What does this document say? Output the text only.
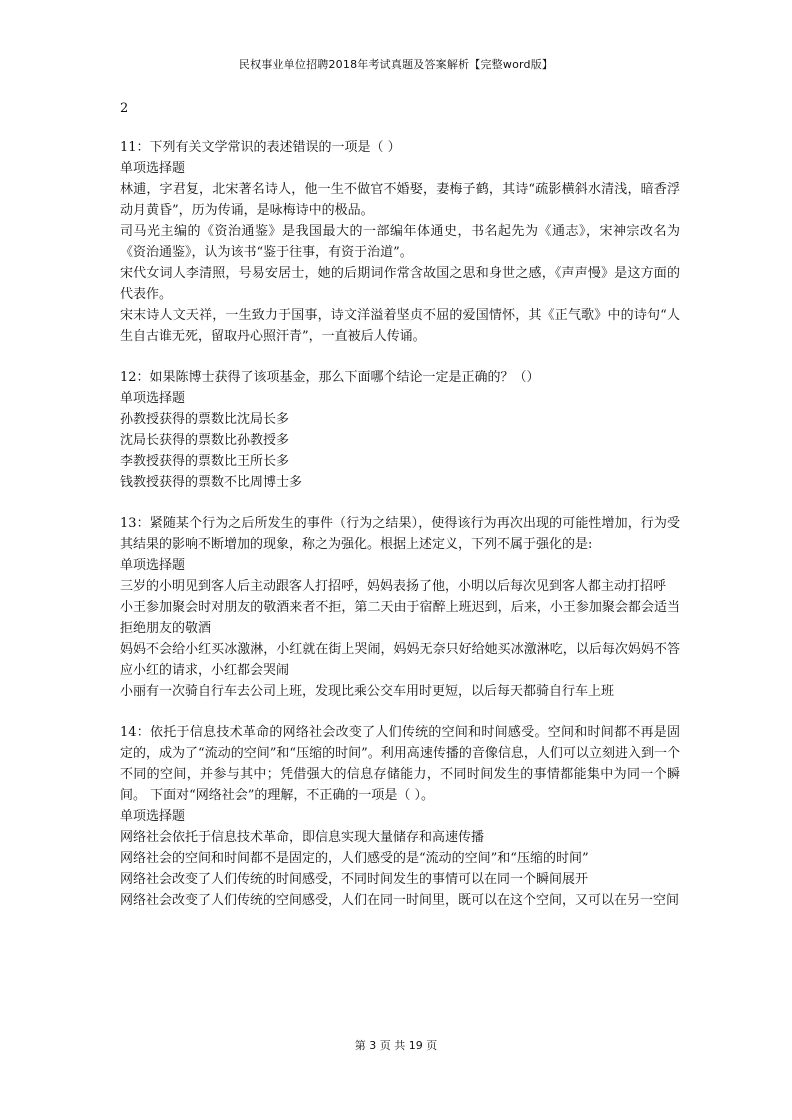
民权事业单位招聘2018年考试真题及答案解析【完整word版】

2

11：下列有关文学常识的表述错误的一项是（ ）

单项选择题

林逋，字君复，北宋著名诗人，他一生不做官不婚娶，妻梅子鹤，其诗“疏影横斜水清浅，暗香浮动月黄昏”，历为传诵，是咏梅诗中的极品。

司马光主编的《资治通鉴》是我国最大的一部编年体通史，书名起先为《通志》，宋神宗改名为《资治通鉴》，认为该书“鉴于往事，有资于治道”。

宋代女词人李清照，号易安居士，她的后期词作常含故国之思和身世之感，《声声慢》是这方面的代表作。

宋末诗人文天祥，一生致力于国事，诗文洋溢着坚贞不屈的爱国情怀，其《正气歌》中的诗句“人生自古谁无死，留取丹心照汗青”，一直被后人传诵。

12：如果陈博士获得了该项基金，那么下面哪个结论一定是正确的？（）

单项选择题

孙教授获得的票数比沈局长多

沈局长获得的票数比孙教授多

李教授获得的票数比王所长多

钱教授获得的票数不比周博士多

13：紧随某个行为之后所发生的事件（行为之结果），使得该行为再次出现的可能性增加，行为受其结果的影响不断增加的现象，称之为强化。根据上述定义，下列不属于强化的是:

单项选择题

三岁的小明见到客人后主动跟客人打招呼，妈妈表扬了他，小明以后每次见到客人都主动打招呼

小王参加聚会时对朋友的敬酒来者不拒，第二天由于宿醉上班迟到，后来，小王参加聚会都会适当拒绝朋友的敬酒

妈妈不会给小红买冰激淋，小红就在街上哭闹，妈妈无奈只好给她买冰激淋吃，以后每次妈妈不答应小红的请求，小红都会哭闹

小丽有一次骑自行车去公司上班，发现比乘公交车用时更短，以后每天都骑自行车上班

14：依托于信息技术革命的网络社会改变了人们传统的空间和时间感受。空间和时间都不再是固定的，成为了“流动的空间”和“压缩的时间”。利用高速传播的音像信息，人们可以立刻进入到一个不同的空间，并参与其中；凭借强大的信息存储能力，不同时间发生的事情都能集中为同一个瞬间。 下面对“网络社会”的理解，不正确的一项是（ ）。

单项选择题

网络社会依托于信息技术革命，即信息实现大量储存和高速传播

网络社会的空间和时间都不是固定的，人们感受的是“流动的空间”和“压缩的时间”

网络社会改变了人们传统的时间感受，不同时间发生的事情可以在同一个瞬间展开

网络社会改变了人们传统的空间感受，人们在同一时间里，既可以在这个空间，又可以在另一空间

第 3 页 共 19 页
